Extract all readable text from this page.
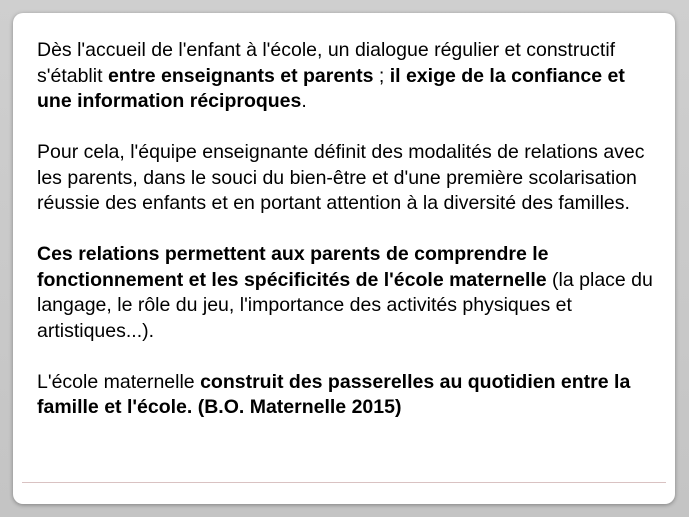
Dès l'accueil de l'enfant à l'école, un dialogue régulier et constructif s'établit entre enseignants et parents ; il exige de la confiance et une information réciproques.

Pour cela, l'équipe enseignante définit des modalités de relations avec les parents, dans le souci du bien-être et d'une première scolarisation réussie des enfants et en portant attention à la diversité des familles.

Ces relations permettent aux parents de comprendre le fonctionnement et les spécificités de l'école maternelle (la place du langage, le rôle du jeu, l'importance des activités physiques et artistiques...).

L'école maternelle construit des passerelles au quotidien entre la famille et l'école. (B.O. Maternelle 2015)
